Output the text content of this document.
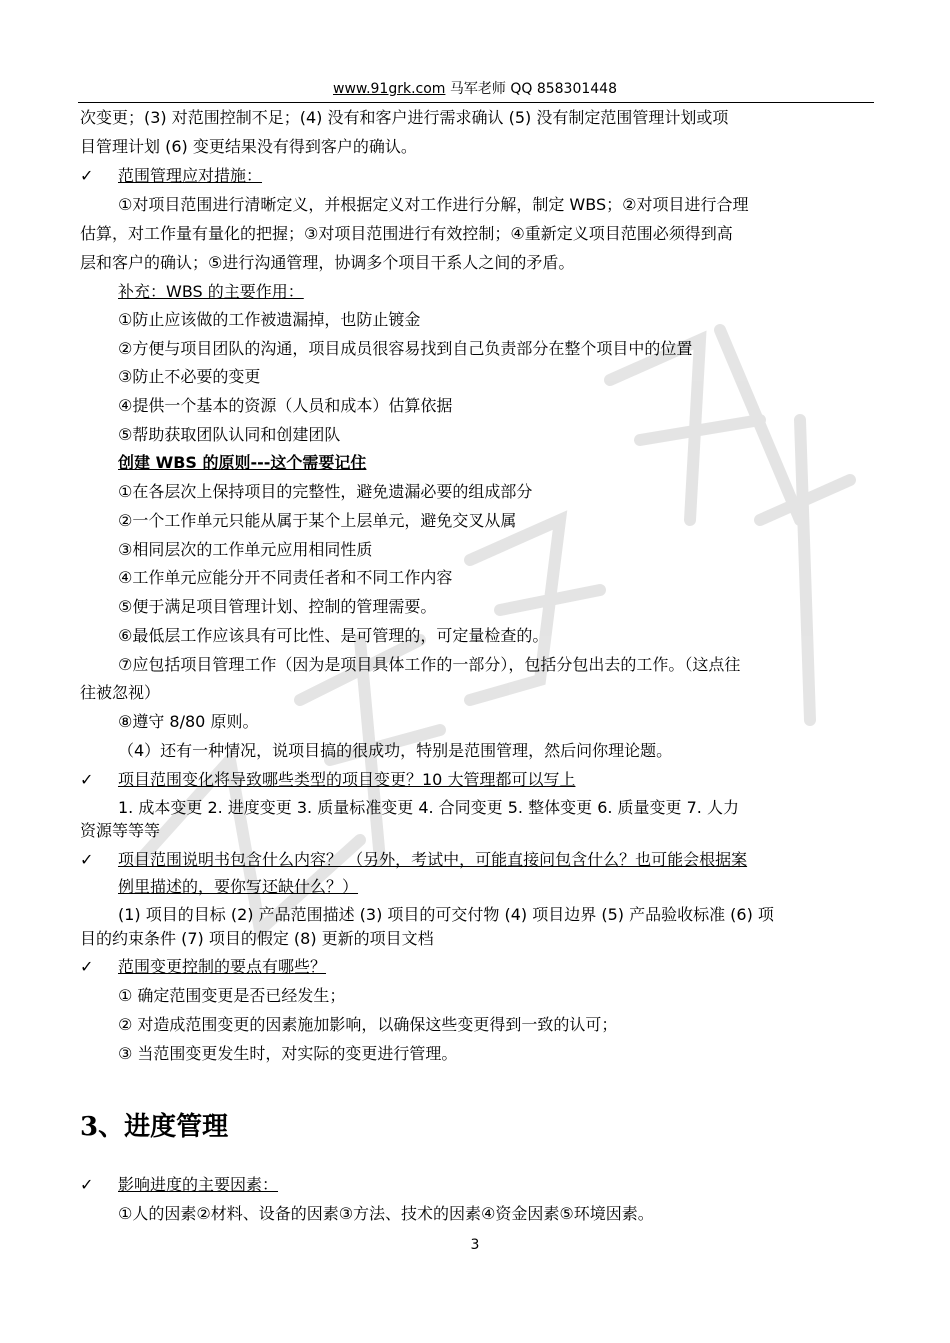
www.91grk.com 马军老师 QQ 858301448
次变更；(3) 对范围控制不足；(4) 没有和客户进行需求确认 (5) 没有制定范围管理计划或项
目管理计划 (6) 变更结果没有得到客户的确认。
✓ 范围管理应对措施：
①对项目范围进行清晰定义，并根据定义对工作进行分解，制定 WBS；②对项目进行合理
估算，对工作量有量化的把握；③对项目范围进行有效控制；④重新定义项目范围必须得到高
层和客户的确认；⑤进行沟通管理，协调多个项目干系人之间的矛盾。
补充：WBS 的主要作用：
①防止应该做的工作被遗漏掉，也防止镀金
②方便与项目团队的沟通，项目成员很容易找到自己负责部分在整个项目中的位置
③防止不必要的变更
④提供一个基本的资源（人员和成本）估算依据
⑤帮助获取团队认同和创建团队
创建 WBS 的原则---这个需要记住
①在各层次上保持项目的完整性，避免遗漏必要的组成部分
②一个工作单元只能从属于某个上层单元，避免交叉从属
③相同层次的工作单元应用相同性质
④工作单元应能分开不同责任者和不同工作内容
⑤便于满足项目管理计划、控制的管理需要。
⑥最低层工作应该具有可比性、是可管理的，可定量检查的。
⑦应包括项目管理工作（因为是项目具体工作的一部分），包括分包出去的工作。（这点往
往被忽视）
⑧遵守 8/80 原则。
（4）还有一种情况，说项目搞的很成功，特别是范围管理，然后问你理论题。
✓ 项目范围变化将导致哪些类型的项目变更？10 大管理都可以写上
1. 成本变更 2. 进度变更 3. 质量标准变更 4. 合同变更 5. 整体变更 6. 质量变更 7. 人力
资源等等等
✓ 项目范围说明书包含什么内容？ （另外，考试中，可能直接问包含什么？也可能会根据案
例里描述的，要你写还缺什么？）
(1) 项目的目标 (2) 产品范围描述 (3) 项目的可交付物 (4) 项目边界 (5) 产品验收标准 (6) 项
目的约束条件 (7) 项目的假定 (8) 更新的项目文档
✓ 范围变更控制的要点有哪些？
① 确定范围变更是否已经发生；
② 对造成范围变更的因素施加影响，以确保这些变更得到一致的认可；
③ 当范围变更发生时，对实际的变更进行管理。
3、进度管理
✓ 影响进度的主要因素：
①人的因素②材料、设备的因素③方法、技术的因素④资金因素⑤环境因素。
3
